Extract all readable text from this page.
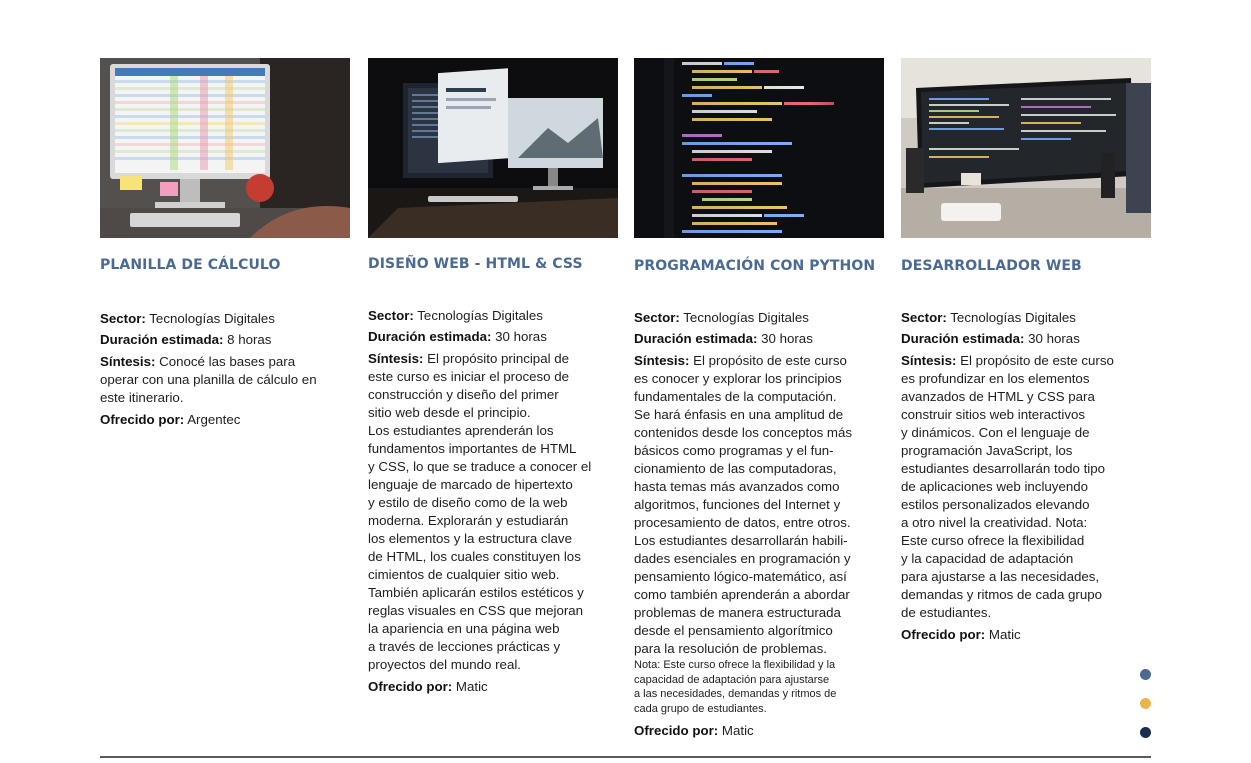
PLANILLA DE CÁLCULO

Sector: Tecnologías Digitales

Duración estimada: 8 horas

Síntesis: Conocé las bases para
operar con una planilla de cálculo en
este itinerario.

Ofrecido por: Argentec

DISEÑO WEB - HTML & CSS

Sector: Tecnologías Digitales

Duración estimada: 30 horas

Síntesis: El propósito principal de
este curso es iniciar el proceso de
construcción y diseño del primer
sitio web desde el principio.
Los estudiantes aprenderán los
fundamentos importantes de HTML
y CSS, lo que se traduce a conocer el
lenguaje de marcado de hipertexto
y estilo de diseño como de la web
moderna. Explorarán y estudiarán
los elementos y la estructura clave
de HTML, los cuales constituyen los
cimientos de cualquier sitio web.
También aplicarán estilos estéticos y
reglas visuales en CSS que mejoran
la apariencia en una página web
a través de lecciones prácticas y
proyectos del mundo real.

Ofrecido por: Matic

PROGRAMACIÓN CON PYTHON

Sector: Tecnologías Digitales

Duración estimada: 30 horas

Síntesis: El propósito de este curso
es conocer y explorar los principios
fundamentales de la computación.
Se hará énfasis en una amplitud de
contenidos desde los conceptos más
básicos como programas y el fun-
cionamiento de las computadoras,
hasta temas más avanzados como
algoritmos, funciones del Internet y
procesamiento de datos, entre otros.
Los estudiantes desarrollarán habili-
dades esenciales en programación y
pensamiento lógico-matemático, así
como también aprenderán a abordar
problemas de manera estructurada
desde el pensamiento algorítmico
para la resolución de problemas.

Nota: Este curso ofrece la flexibilidad y la
capacidad de adaptación para ajustarse
a las necesidades, demandas y ritmos de
cada grupo de estudiantes.

Ofrecido por: Matic

DESARROLLADOR WEB

Sector: Tecnologías Digitales

Duración estimada: 30 horas

Síntesis: El propósito de este curso
es profundizar en los elementos
avanzados de HTML y CSS para
construir sitios web interactivos
y dinámicos. Con el lenguaje de
programación JavaScript, los
estudiantes desarrollarán todo tipo
de aplicaciones web incluyendo
estilos personalizados elevando
a otro nivel la creatividad. Nota:
Este curso ofrece la flexibilidad
y la capacidad de adaptación
para ajustarse a las necesidades,
demandas y ritmos de cada grupo
de estudiantes.

Ofrecido por: Matic
